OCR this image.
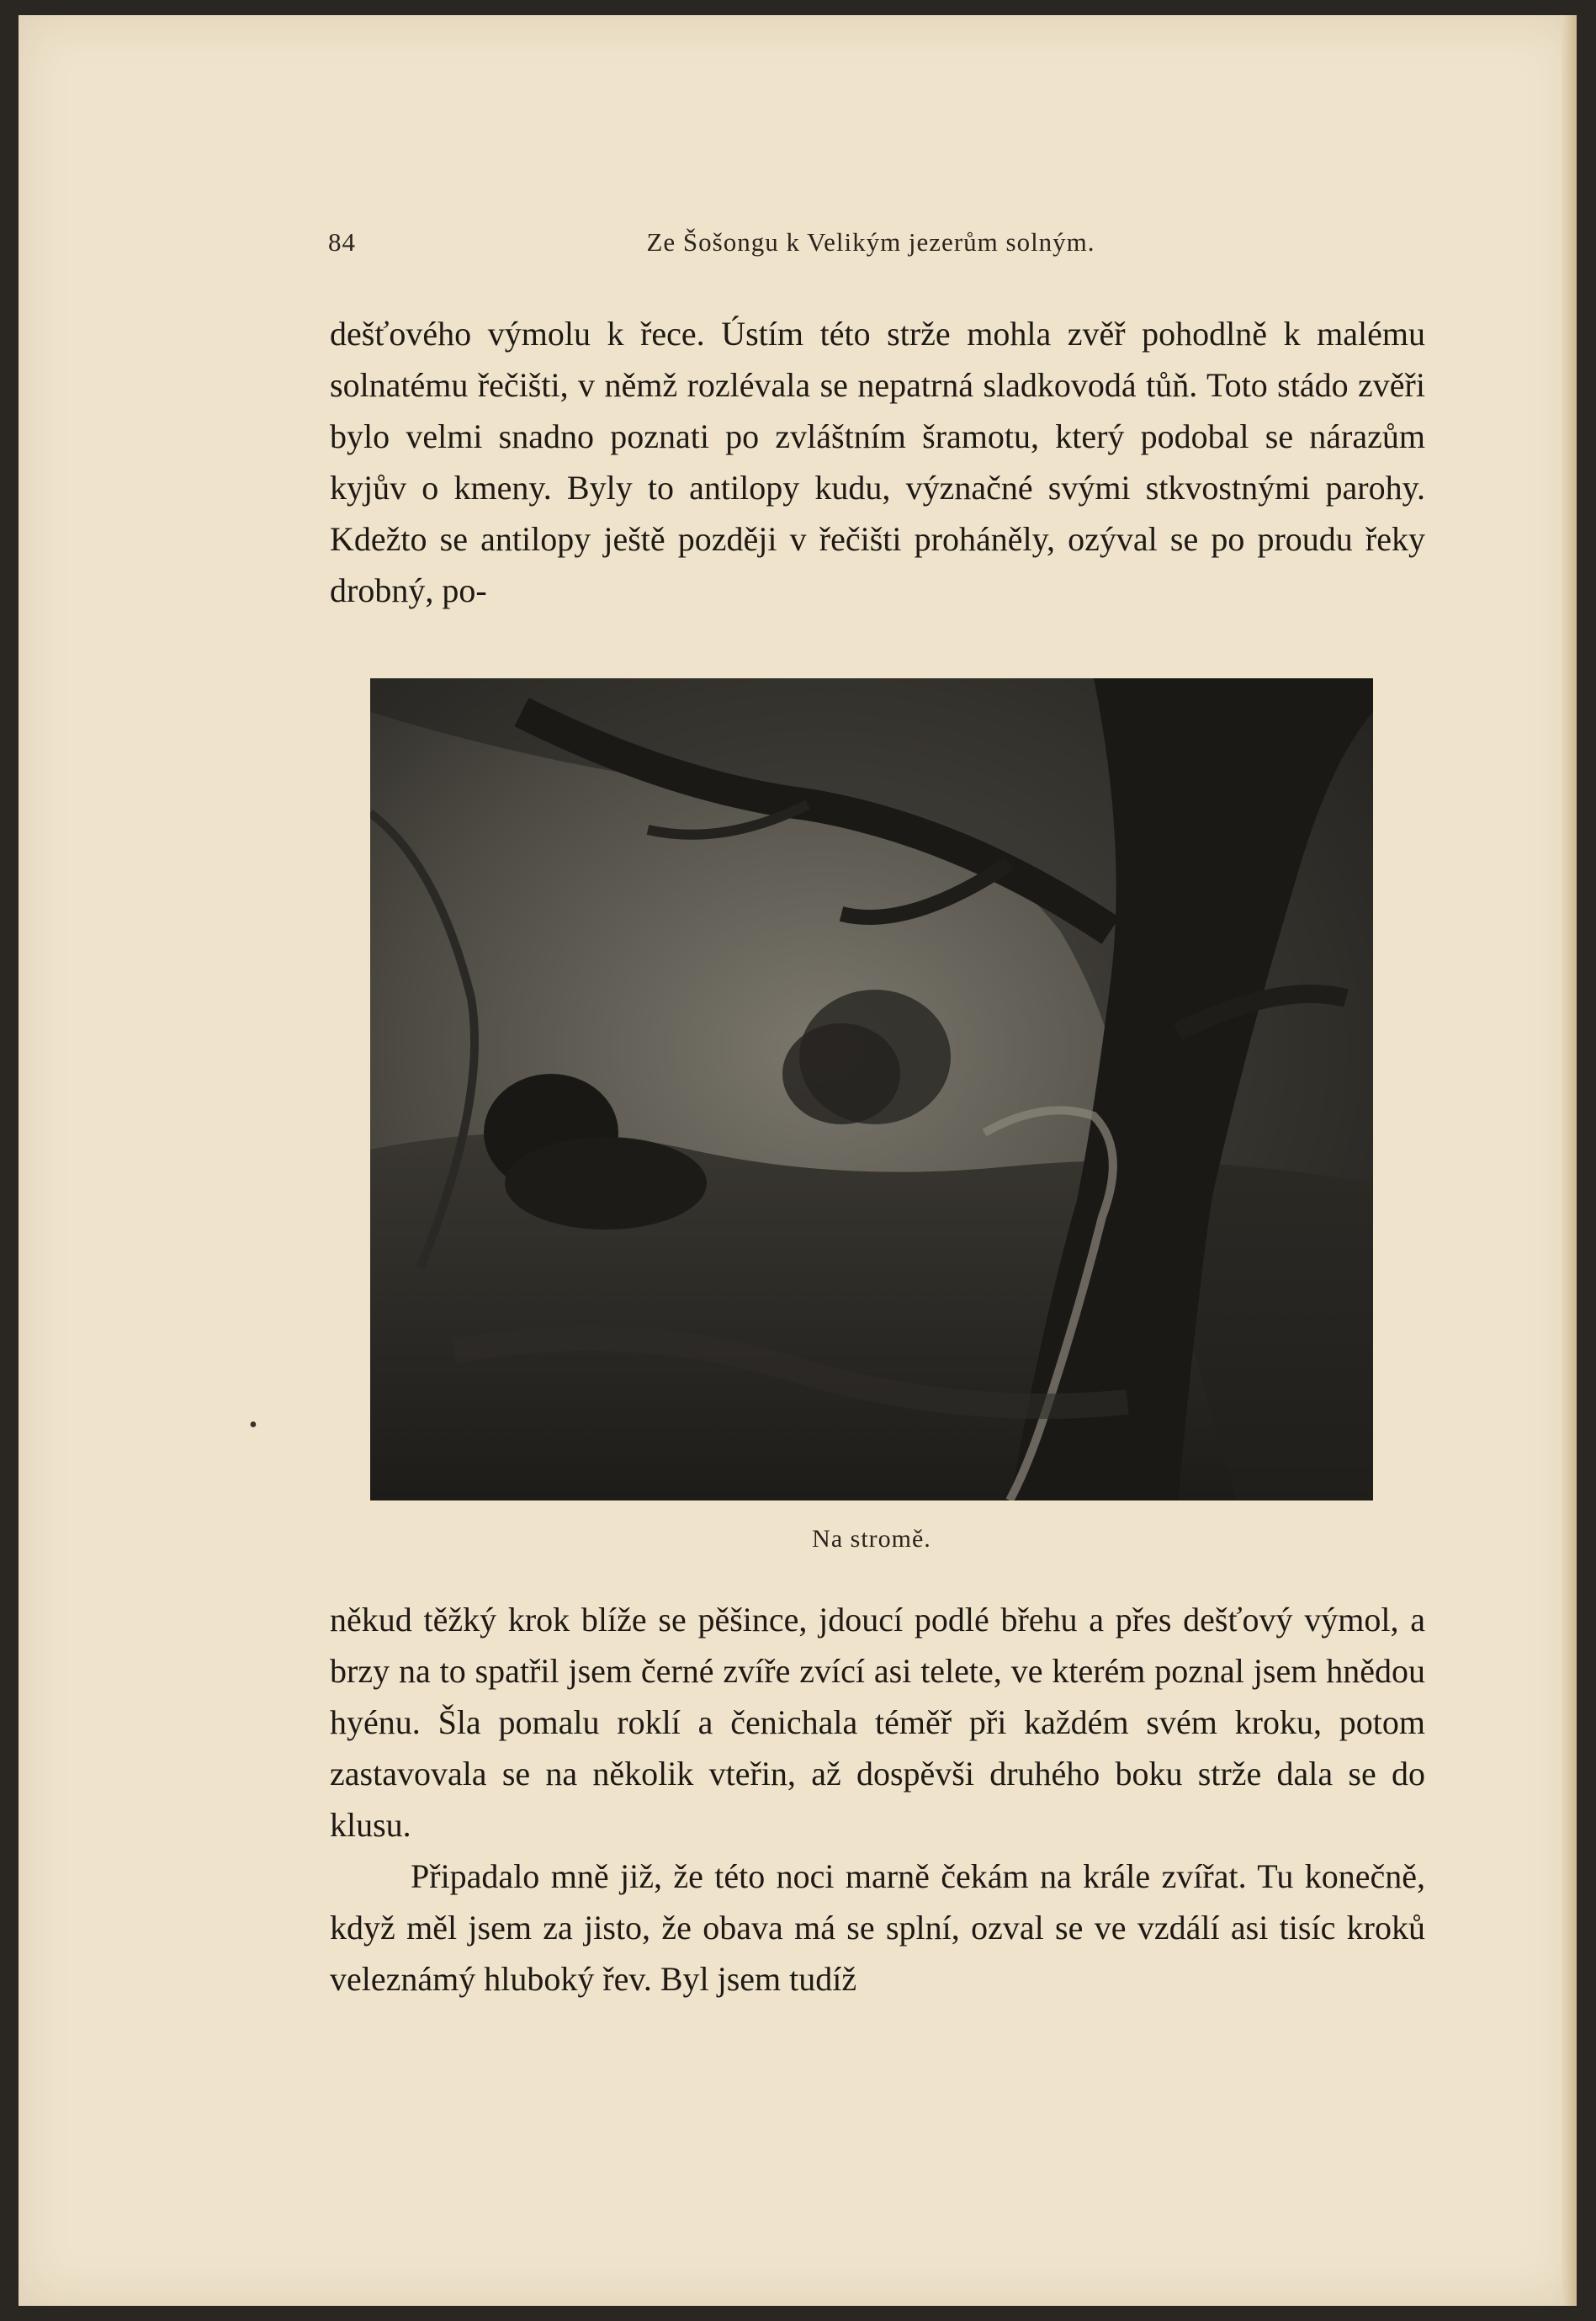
84	Ze Šošongu k Velikým jezerům solným.

dešťového výmolu k řece. Ústím této strže mohla zvěř pohodlně k malému solnatému řečišti, v němž rozlévala se nepatrná sladkovodá tůň. Toto stádo zvěři bylo velmi snadno poznati po zvláštním šramotu, který podobal se nárazům kyjův o kmeny. Byly to antilopy kudu, význačné svými stkvostnými parohy. Kdežto se antilopy ještě později v řečišti proháněly, ozýval se po proudu řeky drobný, po-

Na stromě.

někud těžký krok blíže se pěšince, jdoucí podlé břehu a přes dešťový výmol, a brzy na to spatřil jsem černé zvíře zvící asi telete, ve kterém poznal jsem hnědou hyénu. Šla pomalu roklí a čenichala téměř při každém svém kroku, potom zastavovala se na několik vteřin, až dospěvši druhého boku strže dala se do klusu.

Připadalo mně již, že této noci marně čekám na krále zvířat. Tu konečně, když měl jsem za jisto, že obava má se splní, ozval se ve vzdálí asi tisíc kroků veleznámý hluboký řev. Byl jsem tudíž

•
